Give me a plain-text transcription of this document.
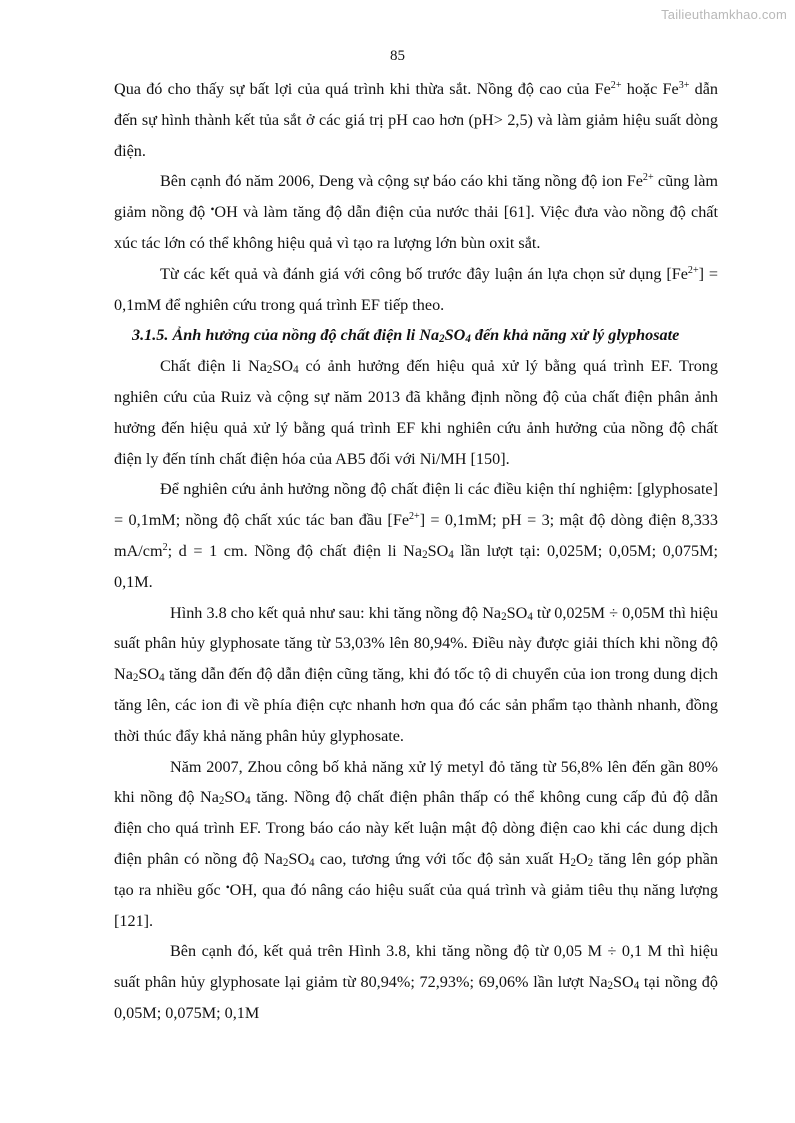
Tailieuthamkhao.com
85

Qua đó cho thấy sự bất lợi của quá trình khi thừa sắt. Nồng độ cao của $Fe^{2+}$ hoặc $Fe^{3+}$ dẫn đến sự hình thành kết tủa sắt ở các giá trị pH cao hơn (pH> 2,5) và làm giảm hiệu suất dòng điện.

Bên cạnh đó năm 2006, Deng và cộng sự báo cáo khi tăng nồng độ ion $Fe^{2+}$ cũng làm giảm nồng độ •OH và làm tăng độ dẫn điện của nước thải [61]. Việc đưa vào nồng độ chất xúc tác lớn có thể không hiệu quả vì tạo ra lượng lớn bùn oxit sắt.

Từ các kết quả và đánh giá với công bố trước đây luận án lựa chọn sử dụng $[Fe^{2+}] = 0,1mM$ để nghiên cứu trong quá trình EF tiếp theo.

3.1.5. Ảnh hưởng của nồng độ chất điện li $Na_2SO_4$ đến khả năng xử lý glyphosate

Chất điện li $Na_2SO_4$ có ảnh hưởng đến hiệu quả xử lý bằng quá trình EF. Trong nghiên cứu của Ruiz và cộng sự năm 2013 đã khẳng định nồng độ của chất điện phân ảnh hưởng đến hiệu quả xử lý bằng quá trình EF khi nghiên cứu ảnh hưởng của nồng độ chất điện ly đến tính chất điện hóa của AB5 đối với Ni/MH [150].

Để nghiên cứu ảnh hưởng nồng độ chất điện li các điều kiện thí nghiệm: [glyphosate] = 0,1mM; nồng độ chất xúc tác ban đầu $[Fe^{2+}] = 0,1mM$; pH = 3; mật độ dòng điện 8,333 $mA/cm^2$; d = 1 cm. Nồng độ chất điện li $Na_2SO_4$ lần lượt tại: 0,025M; 0,05M; 0,075M; 0,1M.

Hình 3.8 cho kết quả như sau: khi tăng nồng độ $Na_2SO_4$ từ 0,025M ÷ 0,05M thì hiệu suất phân hủy glyphosate tăng từ 53,03% lên 80,94%. Điều này được giải thích khi nồng độ $Na_2SO_4$ tăng dẫn đến độ dẫn điện cũng tăng, khi đó tốc tộ di chuyển của ion trong dung dịch tăng lên, các ion đi về phía điện cực nhanh hơn qua đó các sản phẩm tạo thành nhanh, đồng thời thúc đẩy khả năng phân hủy glyphosate.

Năm 2007, Zhou công bố khả năng xử lý metyl đỏ tăng từ 56,8% lên đến gần 80% khi nồng độ $Na_2SO_4$ tăng. Nồng độ chất điện phân thấp có thể không cung cấp đủ độ dẫn điện cho quá trình EF. Trong báo cáo này kết luận mật độ dòng điện cao khi các dung dịch điện phân có nồng độ $Na_2SO_4$ cao, tương ứng với tốc độ sản xuất $H_2O_2$ tăng lên góp phần tạo ra nhiều gốc •OH, qua đó nâng cáo hiệu suất của quá trình và giảm tiêu thụ năng lượng [121].

Bên cạnh đó, kết quả trên Hình 3.8, khi tăng nồng độ từ 0,05 M ÷ 0,1 M thì hiệu suất phân hủy glyphosate lại giảm từ 80,94%; 72,93%; 69,06% lần lượt $Na_2SO_4$ tại nồng độ 0,05M; 0,075M; 0,1M
